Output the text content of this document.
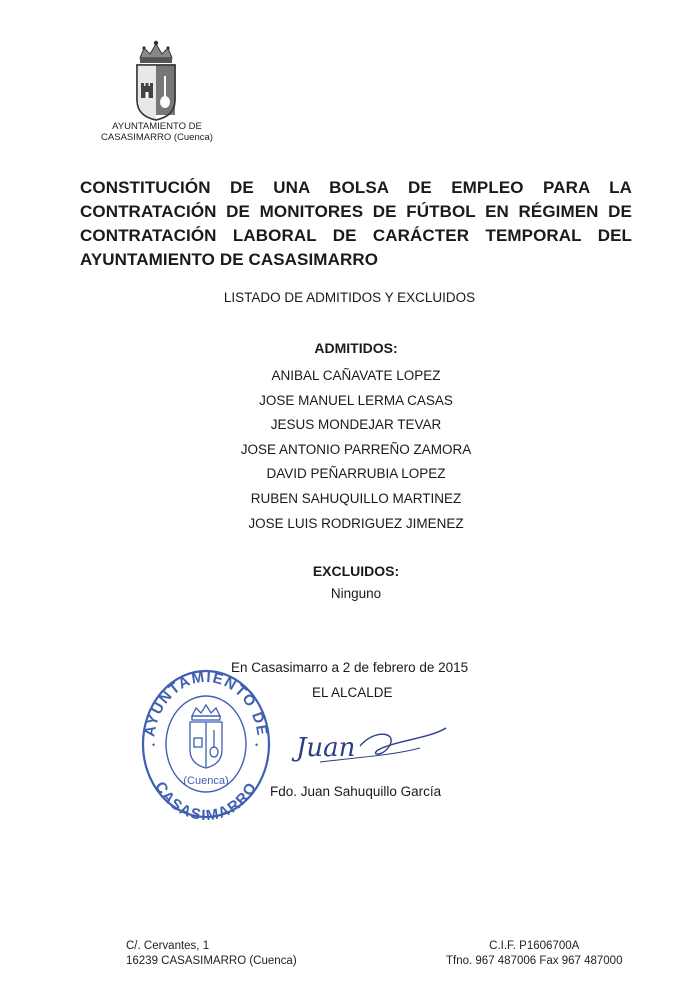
AYUNTAMIENTO DE
CASASIMARRO (Cuenca)
CONSTITUCIÓN DE UNA BOLSA DE EMPLEO PARA LA CONTRATACIÓN DE MONITORES DE FÚTBOL EN RÉGIMEN DE CONTRATACIÓN LABORAL DE CARÁCTER TEMPORAL DEL AYUNTAMIENTO DE CASASIMARRO
LISTADO DE ADMITIDOS Y EXCLUIDOS
ADMITIDOS:
ANIBAL CAÑAVATE LOPEZ
JOSE MANUEL LERMA CASAS
JESUS MONDEJAR TEVAR
JOSE ANTONIO PARREÑO ZAMORA
DAVID PEÑARRUBIA LOPEZ
RUBEN SAHUQUILLO MARTINEZ
JOSE LUIS RODRIGUEZ JIMENEZ
EXCLUIDOS:
Ninguno
En Casasimarro a 2 de febrero de 2015
EL ALCALDE
AYUNTAMIENTO DE
CASASIMARRO
•	•
(Cuenca)
Juan
Fdo. Juan Sahuquillo García
C/. Cervantes, 1
16239 CASASIMARRO (Cuenca)
C.I.F. P1606700A
Tfno. 967 487006 Fax 967 487000
